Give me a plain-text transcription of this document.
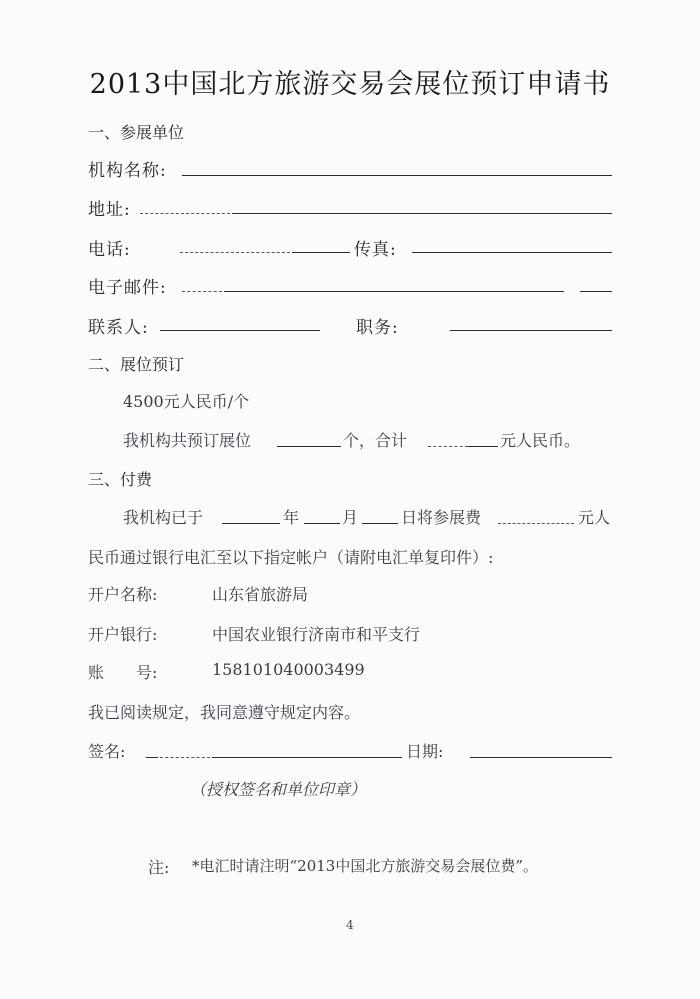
2013中国北方旅游交易会展位预订申请书
一、参展单位
机构名称:
地址:
电话:	传真:
电子邮件:
联系人:	职务:
二、展位预订
4500元人民币/个
我机构共预订展位	个，合计	元人民币。
三、付费
我机构已于	年	月	日将参展费	元人
民币通过银行电汇至以下指定帐户（请附电汇单复印件）:
开户名称:	山东省旅游局
开户银行:	中国农业银行济南市和平支行
账　　号:	158101040003499
我已阅读规定，我同意遵守规定内容。
签名:	日期:
（授权签名和单位印章）
注: *电汇时请注明“2013中国北方旅游交易会展位费”。
4
